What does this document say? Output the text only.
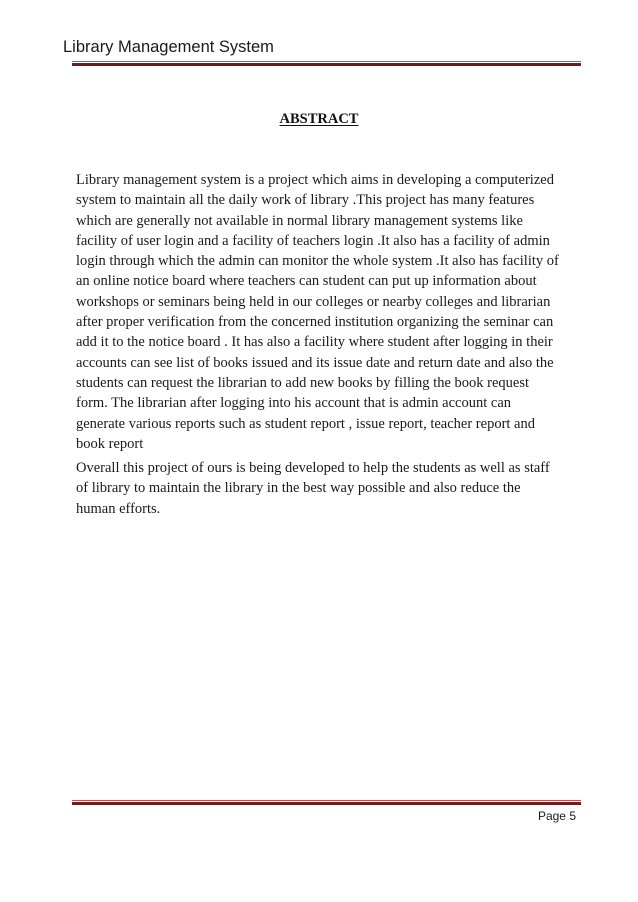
Library Management System
ABSTRACT
Library management system is a project which aims in developing a computerized
system to maintain all the daily work of library .This project has many features
which are generally not available in normal library management systems like
facility of user login and a facility of teachers login .It also has a facility of admin
login through which the admin can monitor the whole system .It also has facility of
an online notice board where teachers can student can put up information about
workshops or seminars being held in our colleges or nearby colleges and librarian
after proper verification from the concerned institution organizing the seminar can
add it to the notice board . It has also a facility where student after logging in their
accounts can see list of books issued and its issue date and return date and also the
students can request the librarian to add new books by filling the book request
form. The librarian after logging into his account that is admin account can
generate various reports such as student report , issue report, teacher report and
book report
Overall this project of ours is being developed to help the students as well as staff
of library to maintain the library in the best way possible and also reduce the
human efforts.
Page 5
